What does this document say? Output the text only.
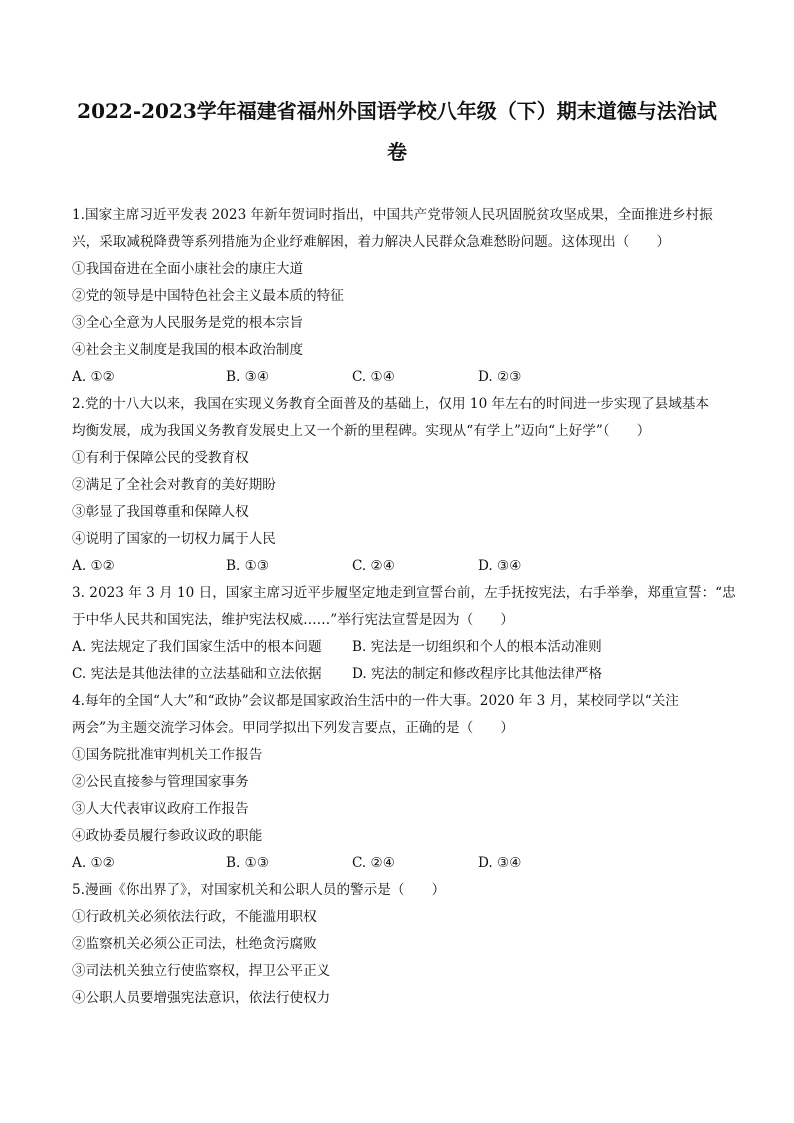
2022-2023学年福建省福州外国语学校八年级（下）期末道德与法治试
卷
1.国家主席习近平发表 2023 年新年贺词时指出，中国共产党带领人民巩固脱贫攻坚成果，全面推进乡村振
兴，采取减税降费等系列措施为企业纾难解困，着力解决人民群众急难愁盼问题。这体现出（　　）
①我国奋进在全面小康社会的康庄大道
②党的领导是中国特色社会主义最本质的特征
③全心全意为人民服务是党的根本宗旨
④社会主义制度是我国的根本政治制度
A. ①②	B. ③④	C. ①④	D. ②③
2.党的十八大以来，我国在实现义务教育全面普及的基础上，仅用 10 年左右的时间进一步实现了县域基本
均衡发展，成为我国义务教育发展史上又一个新的里程碑。实现从“有学上”迈向“上好学”（　　）
①有利于保障公民的受教育权
②满足了全社会对教育的美好期盼
③彰显了我国尊重和保障人权
④说明了国家的一切权力属于人民
A. ①②	B. ①③	C. ②④	D. ③④
3. 2023 年 3 月 10 日，国家主席习近平步履坚定地走到宣誓台前，左手抚按宪法，右手举拳，郑重宣誓：“忠
于中华人民共和国宪法，维护宪法权威……”举行宪法宣誓是因为（　　）
A. 宪法规定了我们国家生活中的根本问题 B. 宪法是一切组织和个人的根本活动准则
C. 宪法是其他法律的立法基础和立法依据 D. 宪法的制定和修改程序比其他法律严格
4.每年的全国“人大”和“政协”会议都是国家政治生活中的一件大事。2020 年 3 月，某校同学以“关注
两会”为主题交流学习体会。甲同学拟出下列发言要点，正确的是（　　）
①国务院批准审判机关工作报告
②公民直接参与管理国家事务
③人大代表审议政府工作报告
④政协委员履行参政议政的职能
A. ①②	B. ①③	C. ②④	D. ③④
5.漫画《你出界了》，对国家机关和公职人员的警示是（　　）
①行政机关必须依法行政，不能滥用职权
②监察机关必须公正司法，杜绝贪污腐败
③司法机关独立行使监察权，捍卫公平正义
④公职人员要增强宪法意识，依法行使权力
